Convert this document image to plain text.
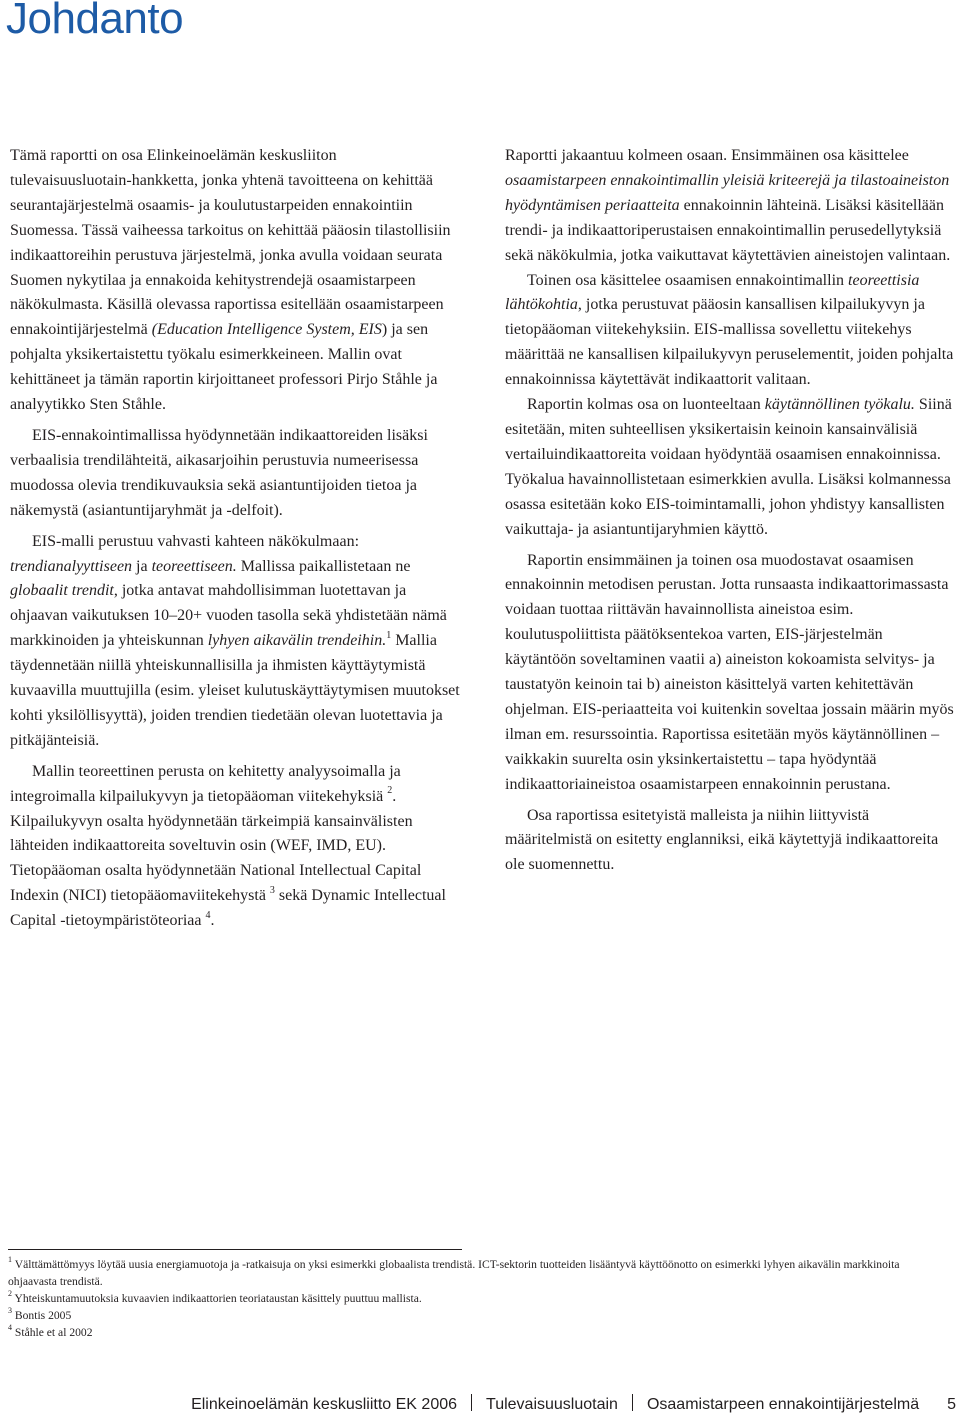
Johdanto

Tämä raportti on osa Elinkeinoelämän keskusliiton tulevaisuusluotain-hankketta, jonka yhtenä tavoitteena on kehittää seurantajärjestelmä osaamis- ja koulutustarpeiden ennakointiin Suomessa. Tässä vaiheessa tarkoitus on kehittää pääosin tilastollisiin indikaattoreihin perustuva järjestelmä, jonka avulla voidaan seurata Suomen nykytilaa ja ennakoida kehitystrendejä osaamistarpeen näkökulmasta. Käsillä olevassa raportissa esitellään osaamistarpeen ennakointijärjestelmä (Education Intelligence System, EIS) ja sen pohjalta yksikertaistettu työkalu esimerkkeineen. Mallin ovat kehittäneet ja tämän raportin kirjoittaneet professori Pirjo Ståhle ja analyytikko Sten Ståhle.

EIS-ennakointimallissa hyödynnetään indikaattoreiden lisäksi verbaalisia trendilähteitä, aikasarjoihin perustuvia numeerisessa muodossa olevia trendikuvauksia sekä asiantuntijoiden tietoa ja näkemystä (asiantuntijaryhmät ja -delfoit).

EIS-malli perustuu vahvasti kahteen näkökulmaan: trendianalyyttiseen ja teoreettiseen. Mallissa paikallistetaan ne globaalit trendit, jotka antavat mahdollisimman luotettavan ja ohjaavan vaikutuksen 10–20+ vuoden tasolla sekä yhdistetään nämä markkinoiden ja yhteiskunnan lyhyen aikavälin trendeihin.$^1$ Mallia täydennetään niillä yhteiskunnallisilla ja ihmisten käyttäytymistä kuvaavilla muuttujilla (esim. yleiset kulutuskäyttäytymisen muutokset kohti yksilöllisyyttä), joiden trendien tiedetään olevan luotettavia ja pitkäjänteisiä.

Mallin teoreettinen perusta on kehitetty analyysoimalla ja integroimalla kilpailukyvyn ja tietopääoman viitekehyksiä $^2$. Kilpailukyvyn osalta hyödynnetään tärkeimpiä kansainvälisten lähteiden indikaattoreita soveltuvin osin (WEF, IMD, EU). Tietopääoman osalta hyödynnetään National Intellectual Capital Indexin (NICI) tietopääomaviitekehystä $^3$ sekä Dynamic Intellectual Capital -tietoympäristöteoriaa $^4$.

Raportti jakaantuu kolmeen osaan. Ensimmäinen osa käsittelee osaamistarpeen ennakointimallin yleisiä kriteerejä ja tilastoaineiston hyödyntämisen periaatteita ennakoinnin lähteinä. Lisäksi käsitellään trendi- ja indikaattoriperustaisen ennakointimallin perusedellytyksiä sekä näkökulmia, jotka vaikuttavat käytettävien aineistojen valintaan.

Toinen osa käsittelee osaamisen ennakointimallin teoreettisia lähtökohtia, jotka perustuvat pääosin kansallisen kilpailukyvyn ja tietopääoman viitekehyksiin. EIS-mallissa sovellettu viitekehys määrittää ne kansallisen kilpailukyvyn peruselementit, joiden pohjalta ennakoinnissa käytettävät indikaattorit valitaan.

Raportin kolmas osa on luonteeltaan käytännöllinen työkalu. Siinä esitetään, miten suhteellisen yksikertaisin keinoin kansainvälisiä vertailuindikaattoreita voidaan hyödyntää osaamisen ennakoinnissa. Työkalua havainnollistetaan esimerkkien avulla. Lisäksi kolmannessa osassa esitetään koko EIS-toimintamalli, johon yhdistyy kansallisten vaikuttaja- ja asiantuntijaryhmien käyttö.

Raportin ensimmäinen ja toinen osa muodostavat osaamisen ennakoinnin metodisen perustan. Jotta runsaasta indikaattorimassasta voidaan tuottaa riittävän havainnollista aineistoa esim. koulutuspoliittista päätöksentekoa varten, EIS-järjestelmän käytäntöön soveltaminen vaatii a) aineiston kokoamista selvitys- ja taustatyön keinoin tai b) aineiston käsittelyä varten kehitettävän ohjelman. EIS-periaatteita voi kuitenkin soveltaa jossain määrin myös ilman em. resurssointia. Raportissa esitetään myös käytännöllinen – vaikkakin suurelta osin yksinkertaistettu – tapa hyödyntää indikaattoriaineistoa osaamistarpeen ennakoinnin perustana.

Osa raportissa esitetyistä malleista ja niihin liittyvistä määritelmistä on esitetty englanniksi, eikä käytettyjä indikaattoreita ole suomennettu.

$^1$ Välttämättömyys löytää uusia energiamuotoja ja -ratkaisuja on yksi esimerkki globaalista trendistä. ICT-sektorin tuotteiden lisääntyvä käyttöönotto on esimerkki lyhyen aikavälin markkinoita ohjaavasta trendistä.

$^2$ Yhteiskuntamuutoksia kuvaavien indikaattorien teoriataustan käsittely puuttuu mallista.

$^3$ Bontis 2005

$^4$ Ståhle et al 2002

Elinkeinoelämän keskusliitto EK 2006 Tulevaisuusluotain Osaamistarpeen ennakointijärjestelmä 5
